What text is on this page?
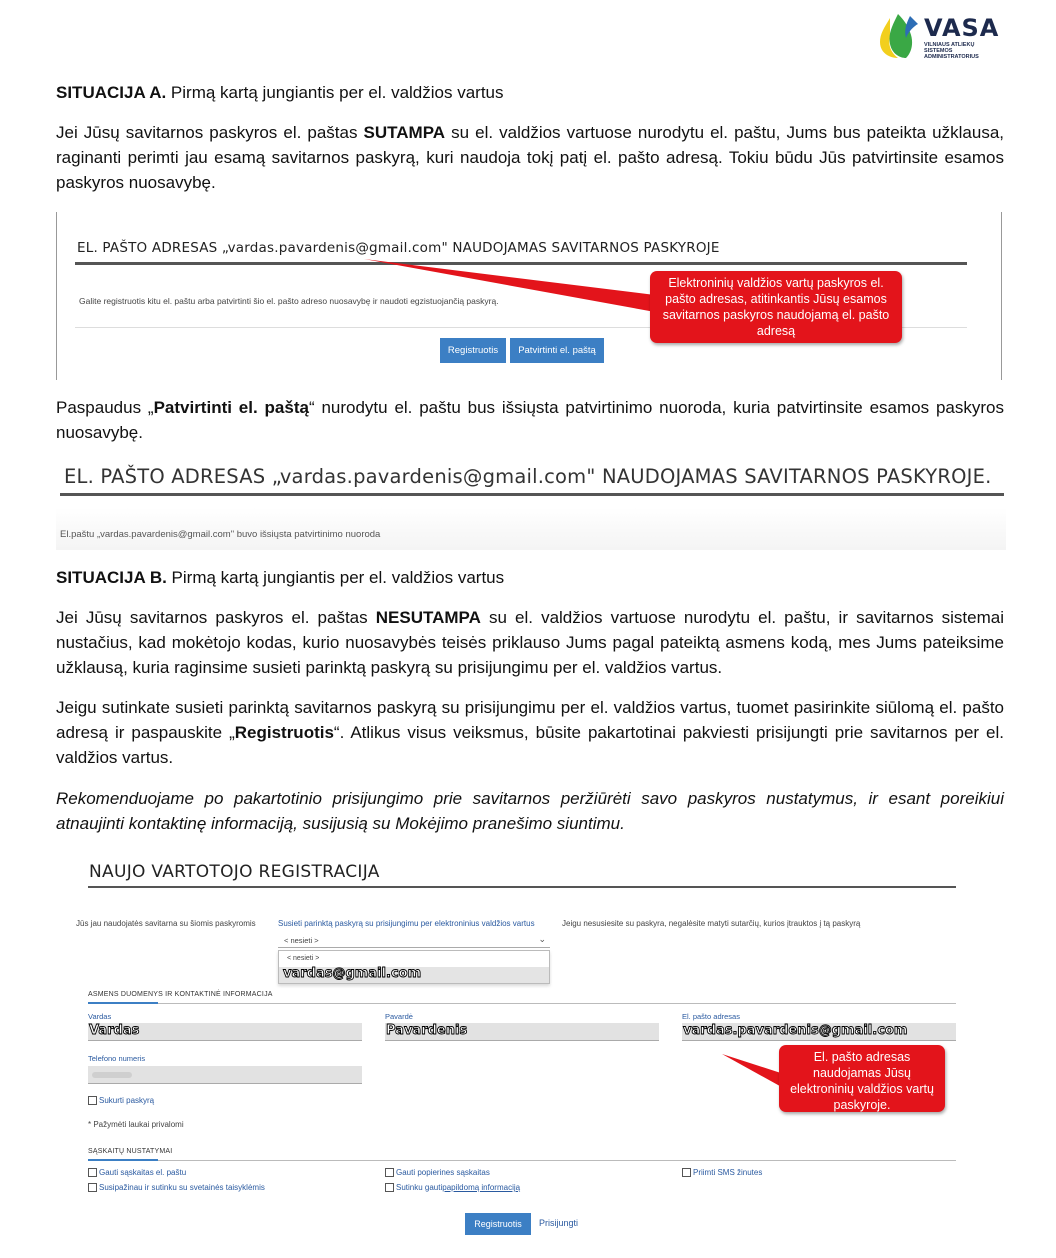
VASA
VILNIAUS ATLIEKŲ SISTEMOS ADMINISTRATORIUS
SITUACIJA A. Pirmą kartą jungiantis per el. valdžios vartus
Jei Jūsų savitarnos paskyros el. paštas SUTAMPA su el. valdžios vartuose nurodytu el. paštu, Jums bus pateikta užklausa, raginanti perimti jau esamą savitarnos paskyrą, kuri naudoja tokį patį el. pašto adresą. Tokiu būdu Jūs patvirtinsite esamos paskyros nuosavybę.
EL. PAŠTO ADRESAS „vardas.pavardenis@gmail.com" NAUDOJAMAS SAVITARNOS PASKYROJE
Galite registruotis kitu el. paštu arba patvirtinti šio el. pašto adreso nuosavybę ir naudoti egzistuojančią paskyrą.
Registruotis	Patvirtinti el. paštą
Elektroninių valdžios vartų paskyros el. pašto adresas, atitinkantis Jūsų esamos savitarnos paskyros naudojamą el. pašto adresą
Paspaudus „Patvirtinti el. paštą“ nurodytu el. paštu bus išsiųsta patvirtinimo nuoroda, kuria patvirtinsite esamos paskyros nuosavybę.
EL. PAŠTO ADRESAS „vardas.pavardenis@gmail.com" NAUDOJAMAS SAVITARNOS PASKYROJE.
El.paštu „vardas.pavardenis@gmail.com" buvo išsiųsta patvirtinimo nuoroda
SITUACIJA B. Pirmą kartą jungiantis per el. valdžios vartus
Jei Jūsų savitarnos paskyros el. paštas NESUTAMPA su el. valdžios vartuose nurodytu el. paštu, ir savitarnos sistemai nustačius, kad mokėtojo kodas, kurio nuosavybės teisės priklauso Jums pagal pateiktą asmens kodą, mes Jums pateiksime užklausą, kuria raginsime susieti parinktą paskyrą su prisijungimu per el. valdžios vartus.
Jeigu sutinkate susieti parinktą savitarnos paskyrą su prisijungimu per el. valdžios vartus, tuomet pasirinkite siūlomą el. pašto adresą ir paspauskite „Registruotis“. Atlikus visus veiksmus, būsite pakartotinai pakviesti prisijungti prie savitarnos per el. valdžios vartus.
Rekomenduojame po pakartotinio prisijungimo prie savitarnos peržiūrėti savo paskyros nustatymus, ir esant poreikiui atnaujinti kontaktinę informaciją, susijusią su Mokėjimo pranešimo siuntimu.
NAUJO VARTOTOJO REGISTRACIJA
Jūs jau naudojatės savitarna su šiomis paskyromis	Susieti parinktą paskyrą su prisijungimu per elektroninius valdžios vartus	Jeigu nesusiesite su paskyra, negalėsite matyti sutarčių, kurios įtrauktos į tą paskyrą
< nesieti >	⌄
< nesieti >
vardas@gmail.com
ASMENS DUOMENYS IR KONTAKTINĖ INFORMACIJA
Vardas
Vardas
Pavardė
Pavardenis
El. pašto adresas
vardas.pavardenis@gmail.com
Telefono numeris
Sukurti paskyrą
* Pažymėti laukai privalomi
SĄSKAITŲ NUSTATYMAI
Gauti sąskaitas el. paštu	Gauti popierines sąskaitas	Priimti SMS žinutes
Susipažinau ir sutinku su svetainės taisyklėmis	Sutinku gauti papildomą informaciją
Registruotis	Prisijungti
El. pašto adresas naudojamas Jūsų elektroninių valdžios vartų paskyroje.
